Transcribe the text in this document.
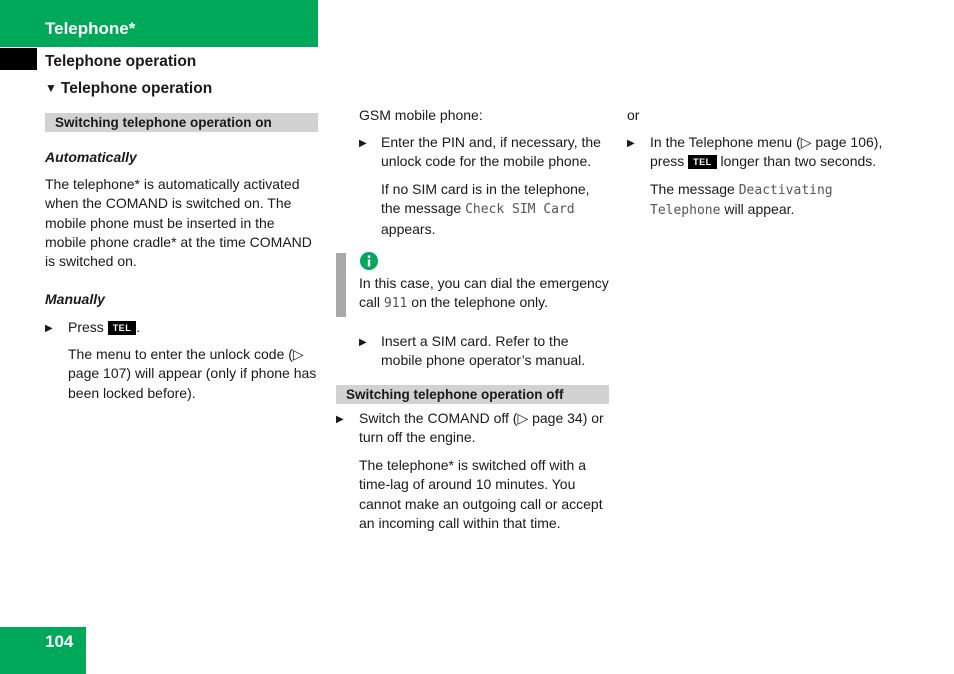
Telephone*
Telephone operation
▼ Telephone operation
Switching telephone operation on
Automatically
The telephone* is automatically activated when the COMAND is switched on. The mobile phone must be inserted in the mobile phone cradle* at the time COMAND is switched on.
Manually
▶ Press TEL .
The menu to enter the unlock code (▷ page 107) will appear (only if phone has been locked before).
GSM mobile phone:
▶ Enter the PIN and, if necessary, the unlock code for the mobile phone.
If no SIM card is in the telephone, the message Check SIM Card appears.
In this case, you can dial the emergency call 911 on the telephone only.
▶ Insert a SIM card. Refer to the mobile phone operator’s manual.
Switching telephone operation off
▶ Switch the COMAND off (▷ page 34) or turn off the engine.
The telephone* is switched off with a time-lag of around 10 minutes. You cannot make an outgoing call or accept an incoming call within that time.
or
▶ In the Telephone menu (▷ page 106), press TEL longer than two seconds.
The message Deactivating Telephone will appear.
104
